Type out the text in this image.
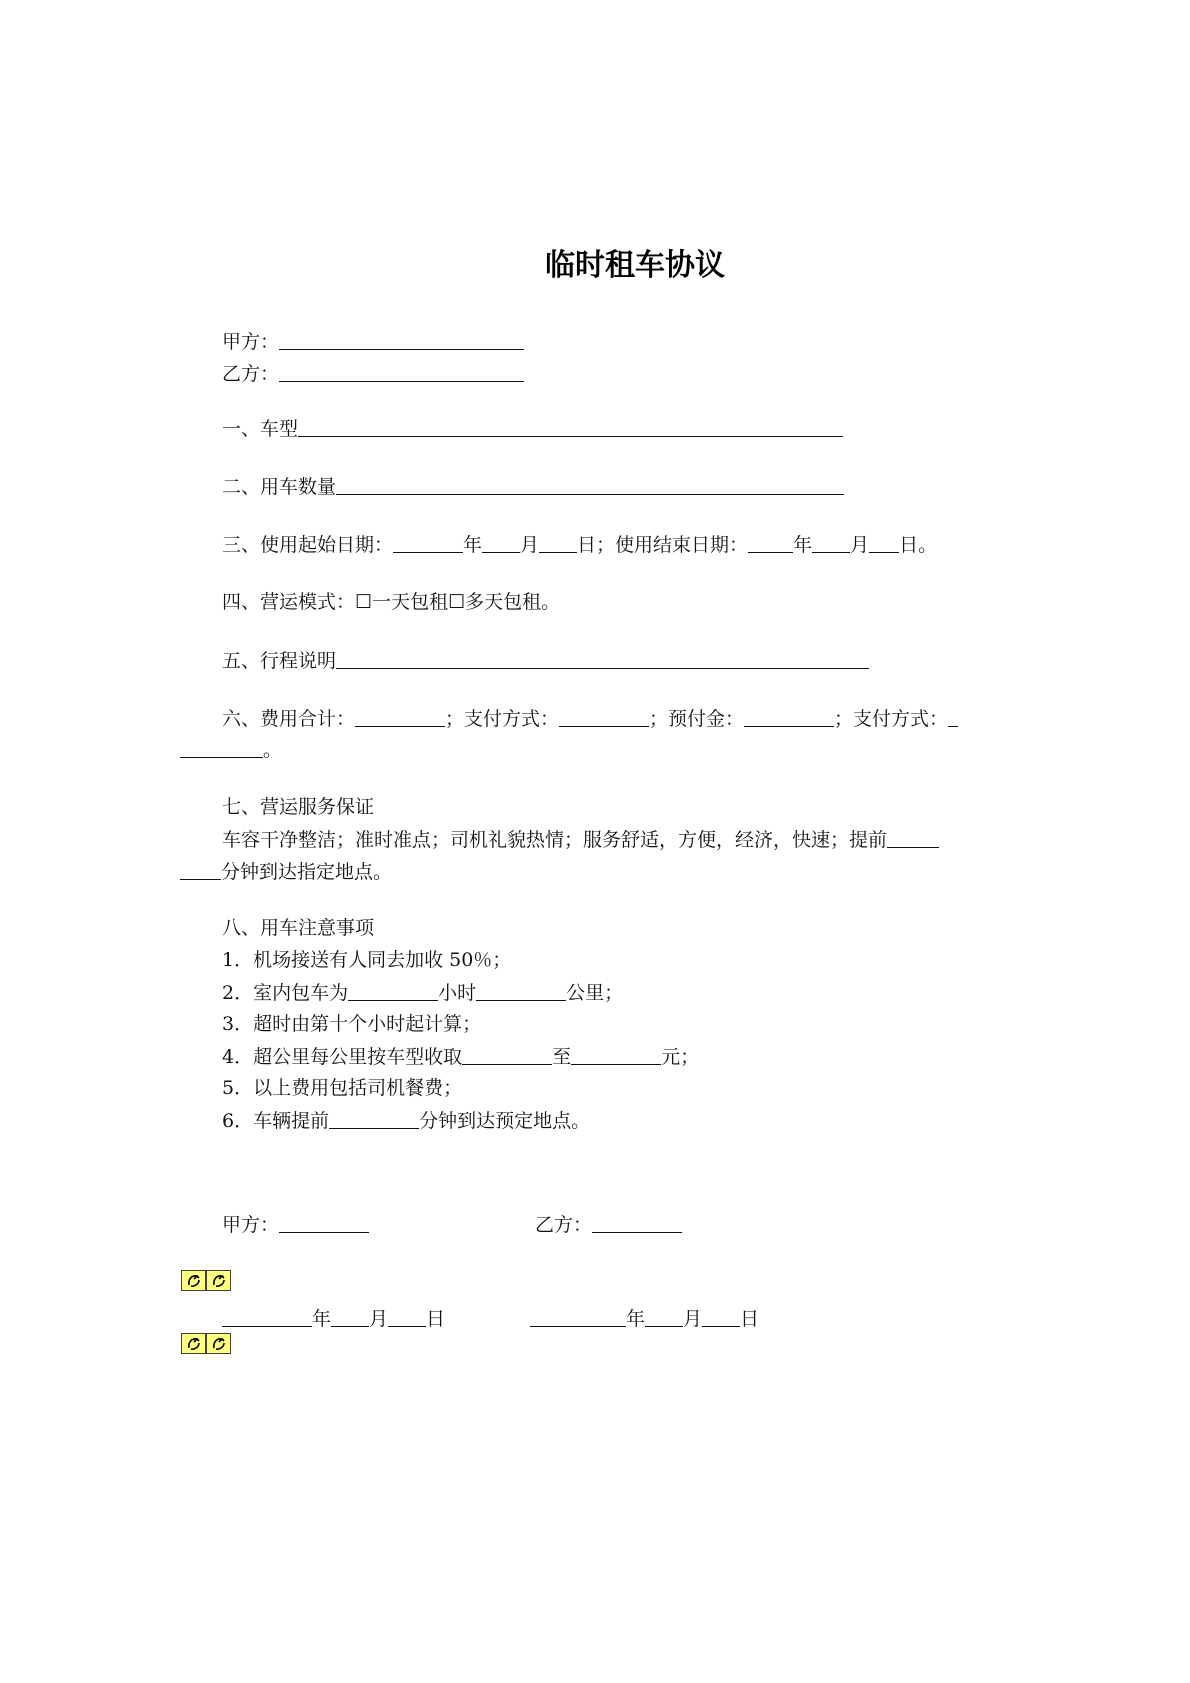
临时租车协议
甲方：
乙方：
一、车型
二、用车数量
三、使用起始日期：	年 月 日；使用结束日期： 年 月 日。
四、营运模式：☐一天包租☐多天包租。
五、行程说明
六、费用合计：	；支付方式：	；预付金：	；支付方式：
。
七、营运服务保证
车容干净整洁；准时准点；司机礼貌热情；服务舒适，方便，经济，快速；提前
分钟到达指定地点。
八、用车注意事项
1．机场接送有人同去加收 50％；
2．室内包车为	小时	公里；
3．超时由第十个小时起计算；
4．超公里每公里按车型收取	至	元；
5．以上费用包括司机餐费；
6．车辆提前	分钟到达预定地点。
甲方：	乙方：
年 月 日	年 月 日
